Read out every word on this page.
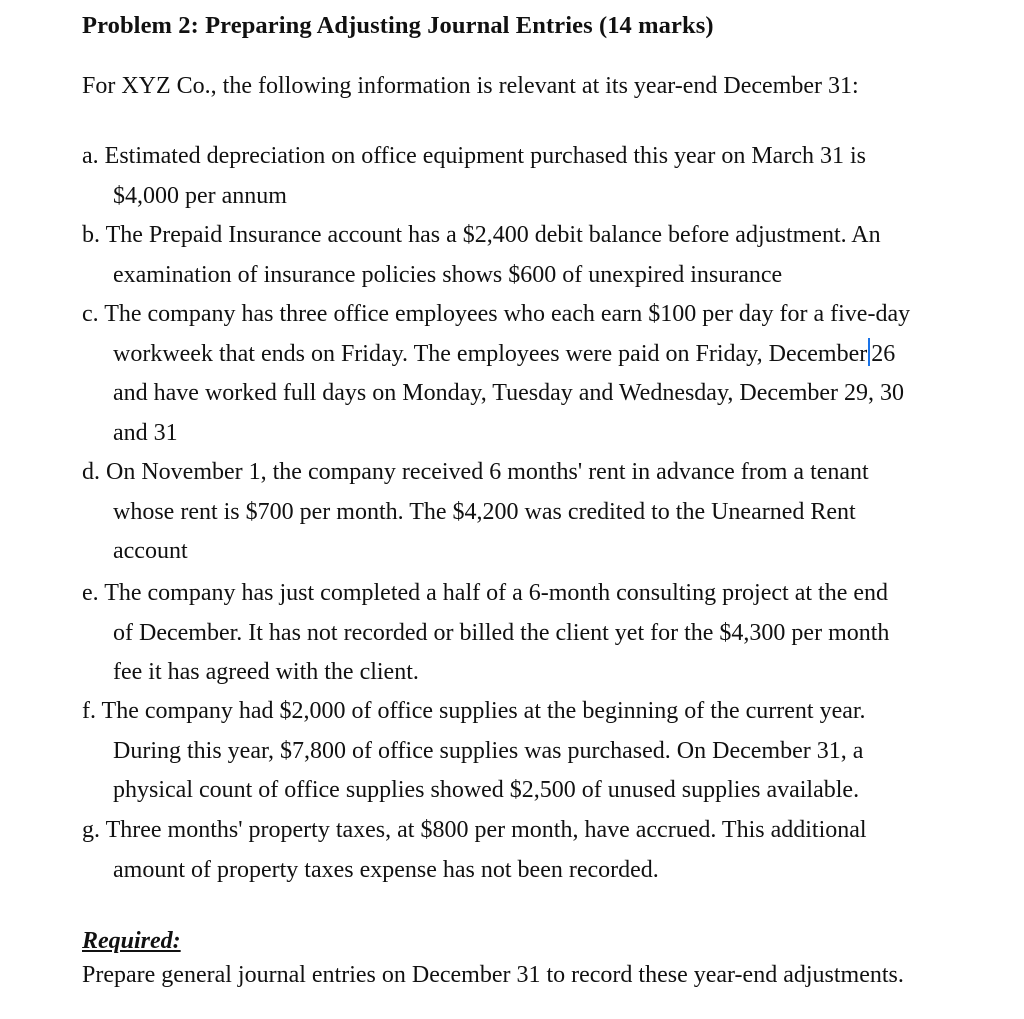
Problem 2: Preparing Adjusting Journal Entries (14 marks)
For XYZ Co., the following information is relevant at its year-end December 31:
a. Estimated depreciation on office equipment purchased this year on March 31 is
$4,000 per annum
b. The Prepaid Insurance account has a $2,400 debit balance before adjustment. An
examination of insurance policies shows $600 of unexpired insurance
c. The company has three office employees who each earn $100 per day for a five-day
workweek that ends on Friday. The employees were paid on Friday, December 26
and have worked full days on Monday, Tuesday and Wednesday, December 29, 30
and 31
d. On November 1, the company received 6 months' rent in advance from a tenant
whose rent is $700 per month. The $4,200 was credited to the Unearned Rent
account
e. The company has just completed a half of a 6-month consulting project at the end
of December. It has not recorded or billed the client yet for the $4,300 per month
fee it has agreed with the client.
f. The company had $2,000 of office supplies at the beginning of the current year.
During this year, $7,800 of office supplies was purchased. On December 31, a
physical count of office supplies showed $2,500 of unused supplies available.
g. Three months' property taxes, at $800 per month, have accrued. This additional
amount of property taxes expense has not been recorded.
Required:
Prepare general journal entries on December 31 to record these year-end adjustments.
